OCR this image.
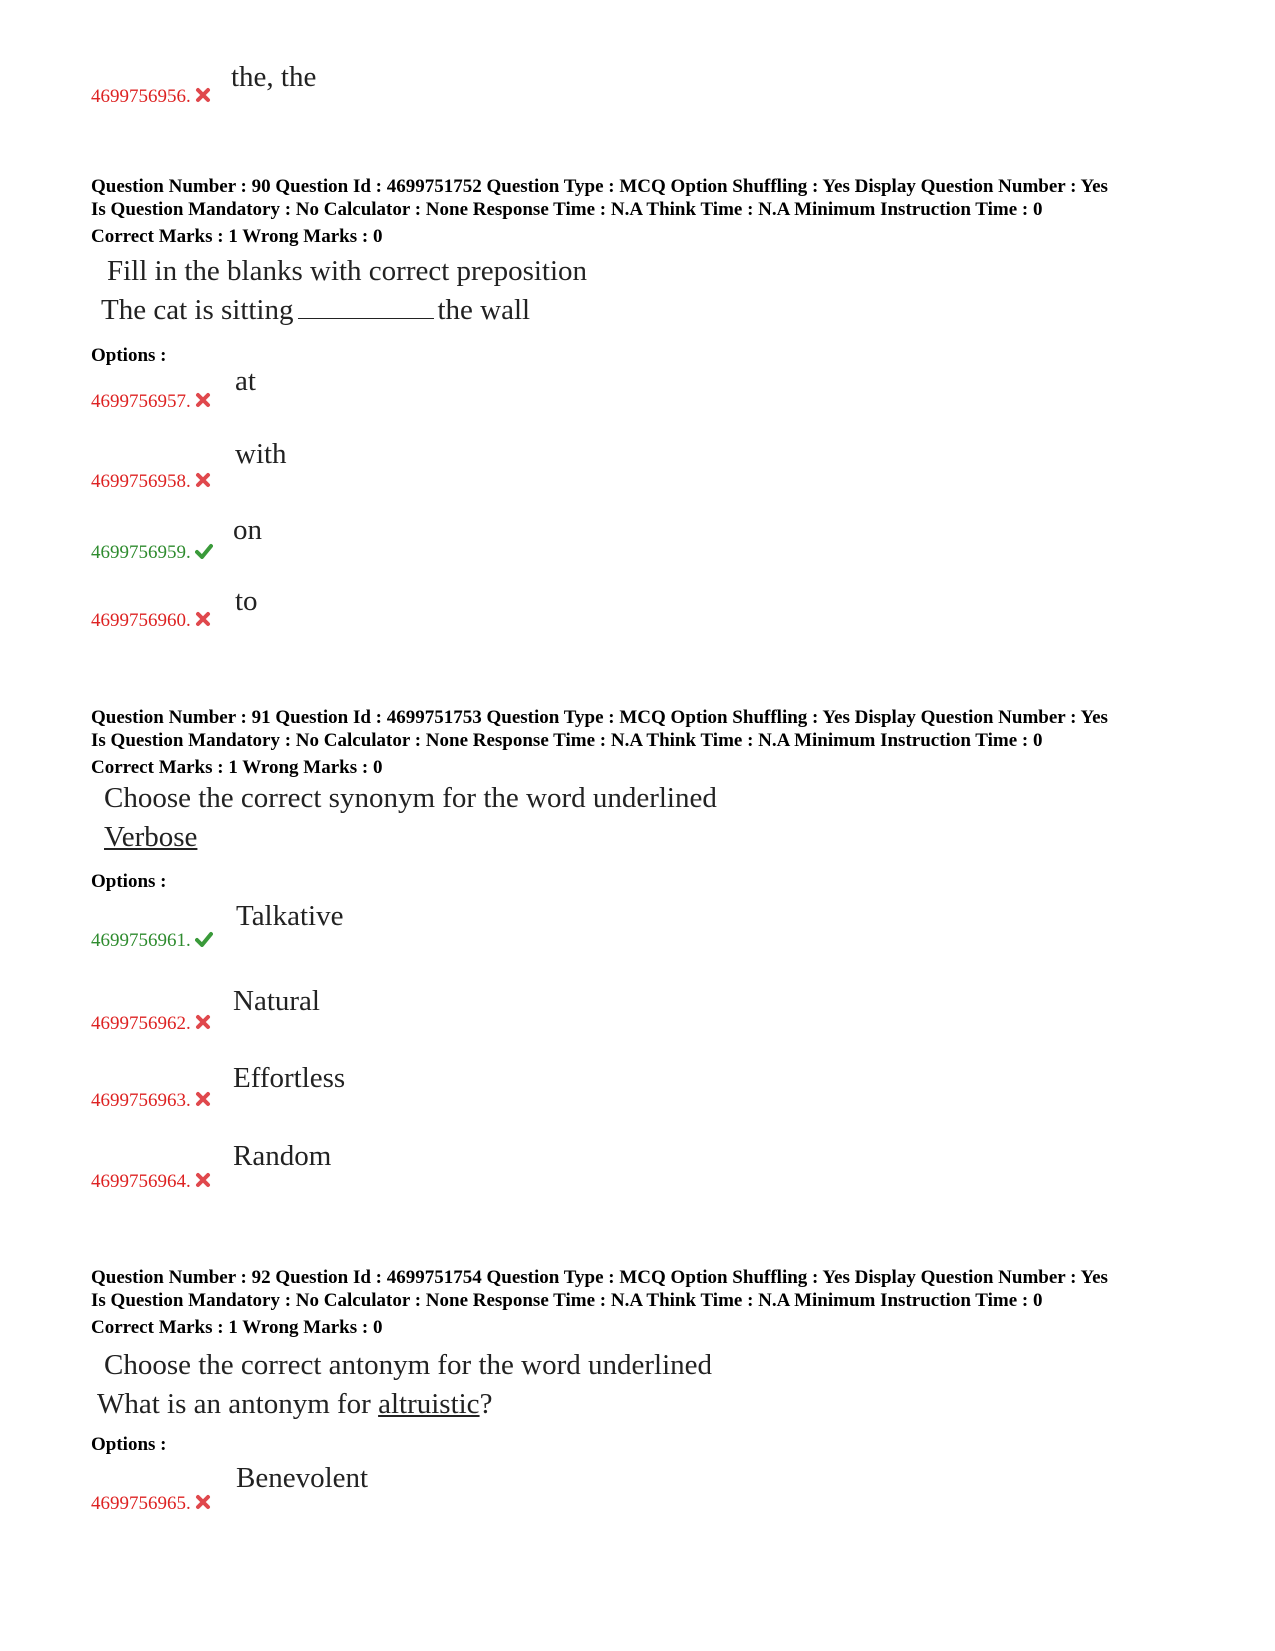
4699756956.
the, the
Question Number : 90 Question Id : 4699751752 Question Type : MCQ Option Shuffling : Yes Display Question Number : Yes
Is Question Mandatory : No Calculator : None Response Time : N.A Think Time : N.A Minimum Instruction Time : 0
Correct Marks : 1 Wrong Marks : 0
Fill in the blanks with correct preposition
The cat is sitting	the wall
Options :
4699756957.
at
4699756958.
with
4699756959.
on
4699756960.
to
Question Number : 91 Question Id : 4699751753 Question Type : MCQ Option Shuffling : Yes Display Question Number : Yes
Is Question Mandatory : No Calculator : None Response Time : N.A Think Time : N.A Minimum Instruction Time : 0
Correct Marks : 1 Wrong Marks : 0
Choose the correct synonym for the word underlined
Verbose
Options :
4699756961.
Talkative
4699756962.
Natural
4699756963.
Effortless
4699756964.
Random
Question Number : 92 Question Id : 4699751754 Question Type : MCQ Option Shuffling : Yes Display Question Number : Yes
Is Question Mandatory : No Calculator : None Response Time : N.A Think Time : N.A Minimum Instruction Time : 0
Correct Marks : 1 Wrong Marks : 0
Choose the correct antonym for the word underlined
What is an antonym for altruistic?
Options :
4699756965.
Benevolent
